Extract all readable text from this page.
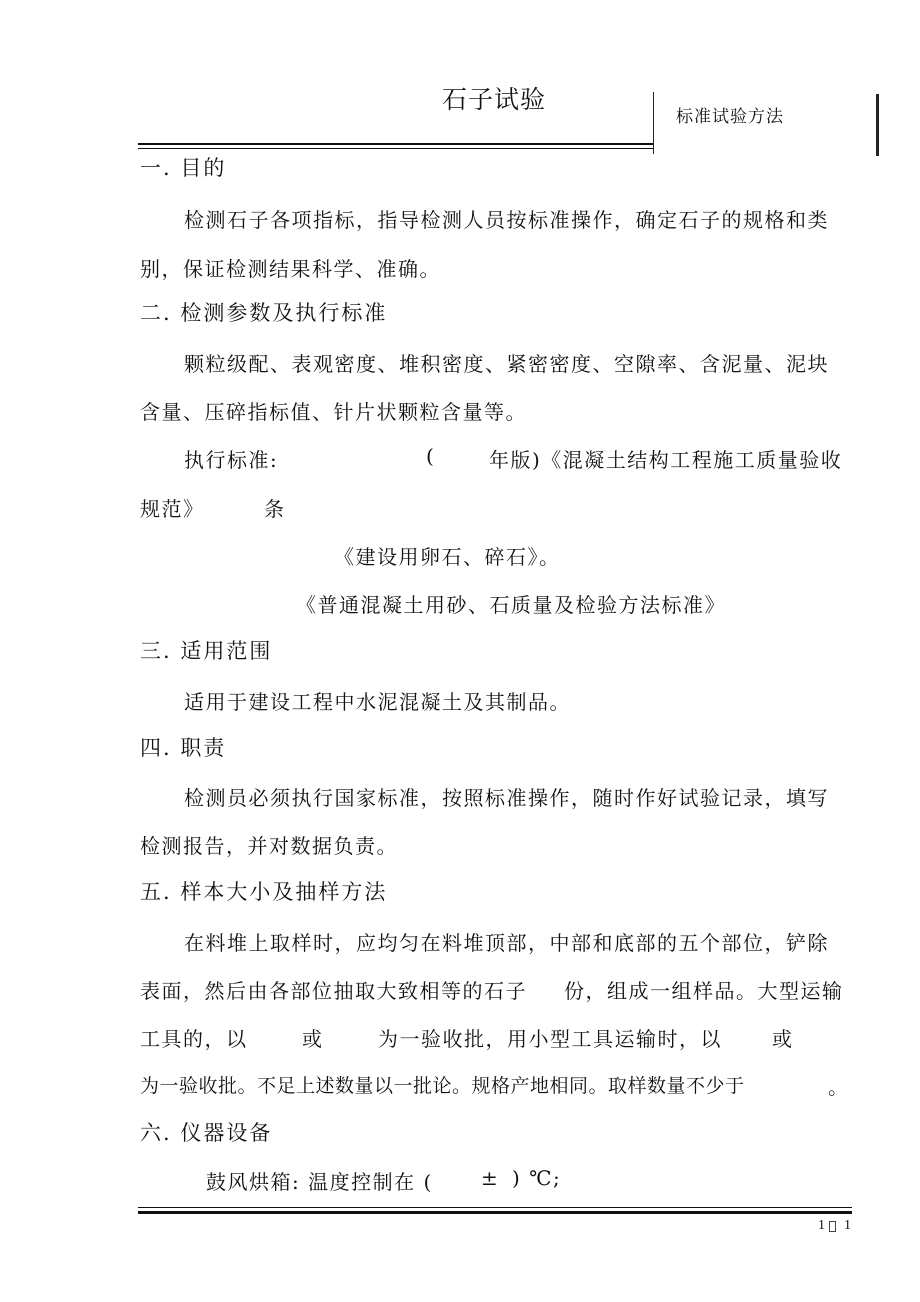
石子试验
标准试验方法
一. 目的
检测石子各项指标，指导检测人员按标准操作，确定石子的规格和类
别，保证检测结果科学、准确。
二. 检测参数及执行标准
颗粒级配、表观密度、堆积密度、紧密密度、空隙率、含泥量、泥块
含量、压碎指标值、针片状颗粒含量等。
执行标准:	(	年版)《混凝土结构工程施工质量验收
规范》	条
《建设用卵石、碎石》。
《普通混凝土用砂、石质量及检验方法标准》
三. 适用范围
适用于建设工程中水泥混凝土及其制品。
四. 职责
检测员必须执行国家标准，按照标准操作，随时作好试验记录，填写
检测报告，并对数据负责。
五. 样本大小及抽样方法
在料堆上取样时，应均匀在料堆顶部，中部和底部的五个部位，铲除
表面，然后由各部位抽取大致相等的石子 份，组成一组样品。大型运输
工具的，以	或	为一验收批，用小型工具运输时，以	或
为一验收批。不足上述数量以一批论。规格产地相同。取样数量不少于	。
六. 仪器设备
鼓风烘箱: 温度控制在 ( ± ) ℃;
1 1
